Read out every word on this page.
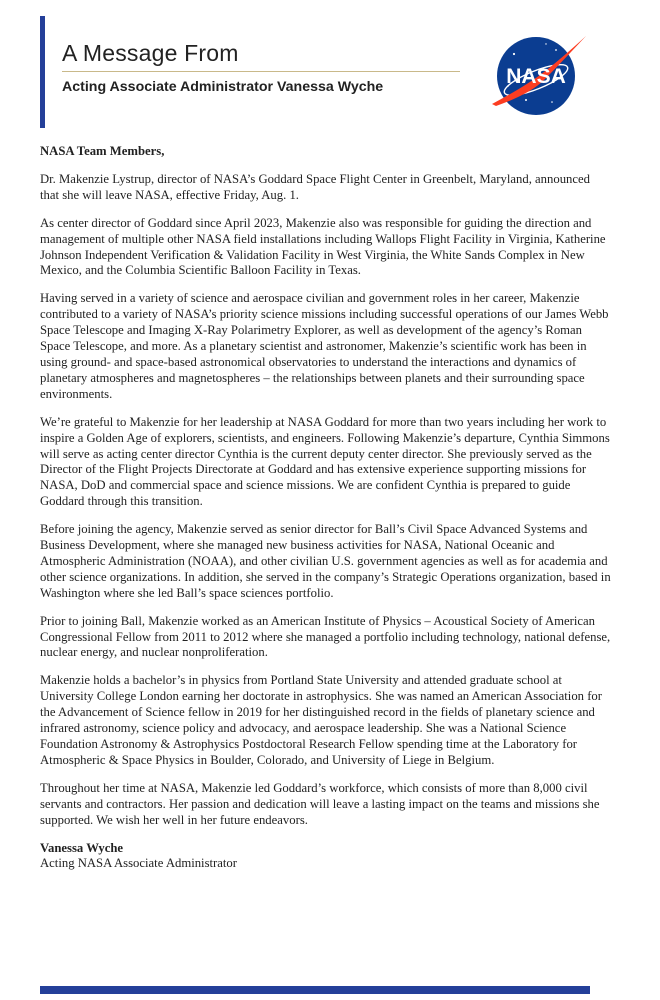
A Message From
Acting Associate Administrator Vanessa Wyche	NASA

NASA Team Members,

Dr. Makenzie Lystrup, director of NASA’s Goddard Space Flight Center in Greenbelt, Maryland, announced that she will leave NASA, effective Friday, Aug. 1.

As center director of Goddard since April 2023, Makenzie also was responsible for guiding the direction and management of multiple other NASA field installations including Wallops Flight Facility in Virginia, Katherine Johnson Independent Verification & Validation Facility in West Virginia, the White Sands Complex in New Mexico, and the Columbia Scientific Balloon Facility in Texas.

Having served in a variety of science and aerospace civilian and government roles in her career, Makenzie contributed to a variety of NASA’s priority science missions including successful operations of our James Webb Space Telescope and Imaging X-Ray Polarimetry Explorer, as well as development of the agency’s Roman Space Telescope, and more. As a planetary scientist and astronomer, Makenzie’s scientific work has been in using ground- and space-based astronomical observatories to understand the interactions and dynamics of planetary atmospheres and magnetospheres – the relationships between planets and their surrounding space environments.

We’re grateful to Makenzie for her leadership at NASA Goddard for more than two years including her work to inspire a Golden Age of explorers, scientists, and engineers. Following Makenzie’s departure, Cynthia Simmons will serve as acting center director Cynthia is the current deputy center director. She previously served as the Director of the Flight Projects Directorate at Goddard and has extensive experience supporting missions for NASA, DoD and commercial space and science missions. We are confident Cynthia is prepared to guide Goddard through this transition.

Before joining the agency, Makenzie served as senior director for Ball’s Civil Space Advanced Systems and Business Development, where she managed new business activities for NASA, National Oceanic and Atmospheric Administration (NOAA), and other civilian U.S. government agencies as well as for academia and other science organizations. In addition, she served in the company’s Strategic Operations organization, based in Washington where she led Ball’s space sciences portfolio.

Prior to joining Ball, Makenzie worked as an American Institute of Physics – Acoustical Society of American Congressional Fellow from 2011 to 2012 where she managed a portfolio including technology, national defense, nuclear energy, and nuclear nonproliferation.

Makenzie holds a bachelor’s in physics from Portland State University and attended graduate school at University College London earning her doctorate in astrophysics. She was named an American Association for the Advancement of Science fellow in 2019 for her distinguished record in the fields of planetary science and infrared astronomy, science policy and advocacy, and aerospace leadership. She was a National Science Foundation Astronomy & Astrophysics Postdoctoral Research Fellow spending time at the Laboratory for Atmospheric & Space Physics in Boulder, Colorado, and University of Liege in Belgium.

Throughout her time at NASA, Makenzie led Goddard’s workforce, which consists of more than 8,000 civil servants and contractors. Her passion and dedication will leave a lasting impact on the teams and missions she supported. We wish her well in her future endeavors.

Vanessa Wyche

Acting NASA Associate Administrator
